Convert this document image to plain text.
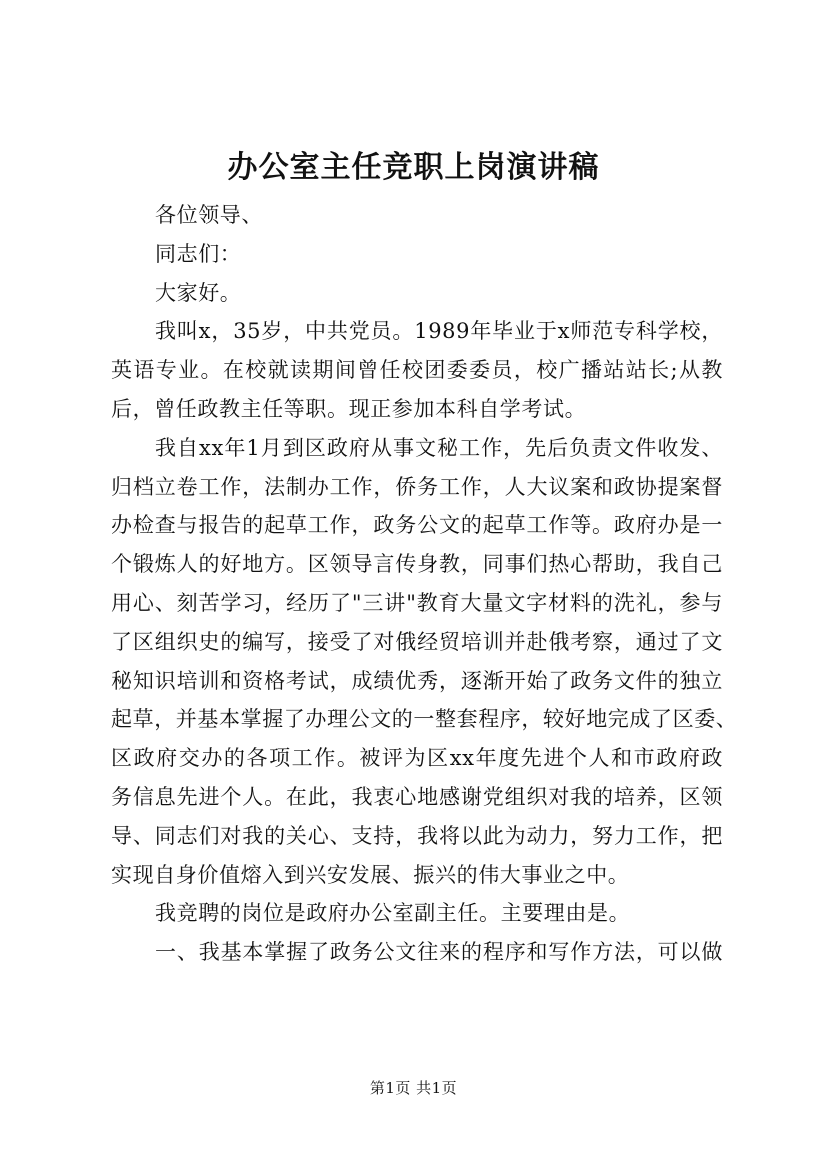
办公室主任竞职上岗演讲稿
各位领导、
同志们：
大家好。
我叫x，35岁，中共党员。1989年毕业于x师范专科学校，
英语专业。在校就读期间曾任校团委委员，校广播站站长;从教
后，曾任政教主任等职。现正参加本科自学考试。
我自xx年1月到区政府从事文秘工作，先后负责文件收发、
归档立卷工作，法制办工作，侨务工作，人大议案和政协提案督
办检查与报告的起草工作，政务公文的起草工作等。政府办是一
个锻炼人的好地方。区领导言传身教，同事们热心帮助，我自己
用心、刻苦学习，经历了"三讲"教育大量文字材料的洗礼，参与
了区组织史的编写，接受了对俄经贸培训并赴俄考察，通过了文
秘知识培训和资格考试，成绩优秀，逐渐开始了政务文件的独立
起草，并基本掌握了办理公文的一整套程序，较好地完成了区委、
区政府交办的各项工作。被评为区xx年度先进个人和市政府政
务信息先进个人。在此，我衷心地感谢党组织对我的培养，区领
导、同志们对我的关心、支持，我将以此为动力，努力工作，把
实现自身价值熔入到兴安发展、振兴的伟大事业之中。
我竞聘的岗位是政府办公室副主任。主要理由是。
一、我基本掌握了政务公文往来的程序和写作方法，可以做
第1页 共1页
